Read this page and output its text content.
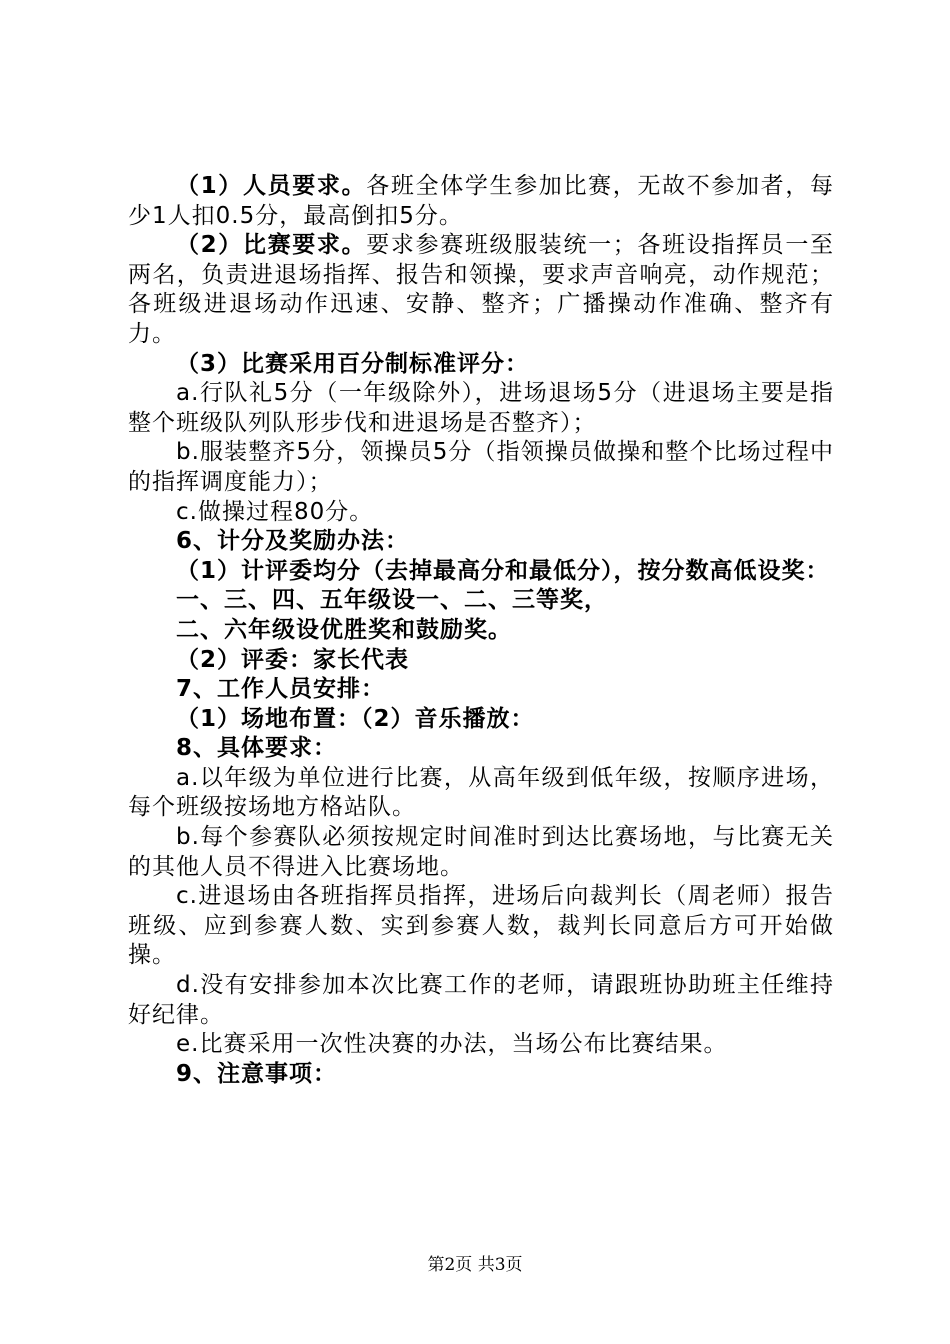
（1）人员要求。各班全体学生参加比赛，无故不参加者，每少1人扣0.5分，最高倒扣5分。

（2）比赛要求。要求参赛班级服装统一；各班设指挥员一至两名，负责进退场指挥、报告和领操，要求声音响亮，动作规范；各班级进退场动作迅速、安静、整齐；广播操动作准确、整齐有力。

（3）比赛采用百分制标准评分：

a.行队礼5分（一年级除外），进场退场5分（进退场主要是指整个班级队列队形步伐和进退场是否整齐）；

b.服装整齐5分，领操员5分（指领操员做操和整个比场过程中的指挥调度能力）；

c.做操过程80分。

6、计分及奖励办法：

（1）计评委均分（去掉最高分和最低分），按分数高低设奖：

一、三、四、五年级设一、二、三等奖，

二、六年级设优胜奖和鼓励奖。

（2）评委：家长代表

7、工作人员安排：

（1）场地布置：（2）音乐播放：

8、具体要求：

a.以年级为单位进行比赛，从高年级到低年级，按顺序进场，每个班级按场地方格站队。

b.每个参赛队必须按规定时间准时到达比赛场地，与比赛无关的其他人员不得进入比赛场地。

c.进退场由各班指挥员指挥，进场后向裁判长（周老师）报告班级、应到参赛人数、实到参赛人数，裁判长同意后方可开始做操。

d.没有安排参加本次比赛工作的老师，请跟班协助班主任维持好纪律。

e.比赛采用一次性决赛的办法，当场公布比赛结果。

9、注意事项：

第2页 共3页
